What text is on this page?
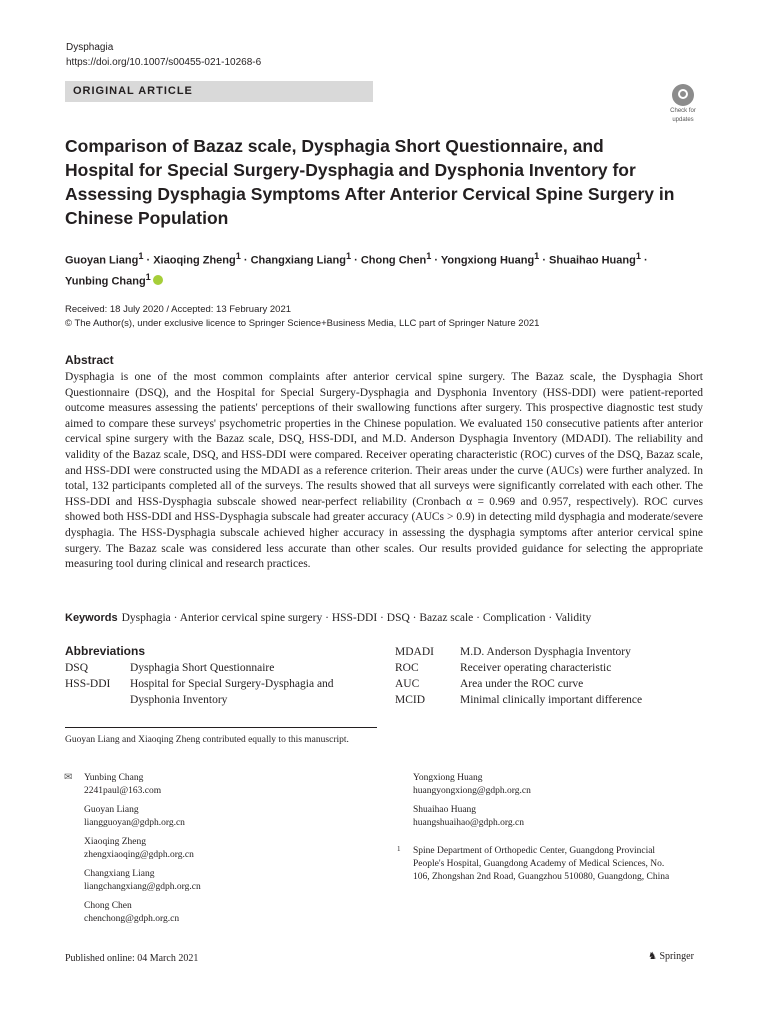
Dysphagia
https://doi.org/10.1007/s00455-021-10268-6
ORIGINAL ARTICLE
Check for
updates
Comparison of Bazaz scale, Dysphagia Short Questionnaire, and Hospital for Special Surgery-Dysphagia and Dysphonia Inventory for Assessing Dysphagia Symptoms After Anterior Cervical Spine Surgery in Chinese Population
Guoyan Liang$^1$ · Xiaoqing Zheng$^1$ · Changxiang Liang$^1$ · Chong Chen$^1$ · Yongxiong Huang$^1$ · Shuaihao Huang$^1$ ·
Yunbing Chang$^1$
Received: 18 July 2020 / Accepted: 13 February 2021
© The Author(s), under exclusive licence to Springer Science+Business Media, LLC part of Springer Nature 2021
Abstract
Dysphagia is one of the most common complaints after anterior cervical spine surgery. The Bazaz scale, the Dysphagia Short Questionnaire (DSQ), and the Hospital for Special Surgery-Dysphagia and Dysphonia Inventory (HSS-DDI) were patient-reported outcome measures assessing the patients' perceptions of their swallowing functions after surgery. This prospective diagnostic test study aimed to compare these surveys' psychometric properties in the Chinese population. We evaluated 150 consecutive patients after anterior cervical spine surgery with the Bazaz scale, DSQ, HSS-DDI, and M.D. Anderson Dysphagia Inventory (MDADI). The reliability and validity of the Bazaz scale, DSQ, and HSS-DDI were compared. Receiver operating characteristic (ROC) curves of the DSQ, Bazaz scale, and HSS-DDI were constructed using the MDADI as a reference criterion. Their areas under the curve (AUCs) were further analyzed. In total, 132 participants completed all of the surveys. The results showed that all surveys were significantly correlated with each other. The HSS-DDI and HSS-Dysphagia subscale showed near-perfect reliability (Cronbach α = 0.969 and 0.957, respectively). ROC curves showed both HSS-DDI and HSS-Dysphagia subscale had greater accuracy (AUCs > 0.9) in detecting mild dysphagia and moderate/severe dysphagia. The HSS-Dysphagia subscale achieved higher accuracy in assessing the dysphagia symptoms after anterior cervical spine surgery. The Bazaz scale was considered less accurate than other scales. Our results provided guidance for selecting the appropriate measuring tool during clinical and research practices.
Keywords Dysphagia · Anterior cervical spine surgery · HSS-DDI · DSQ · Bazaz scale · Complication · Validity
Abbreviations
DSQ	Dysphagia Short Questionnaire
HSS-DDI	Hospital for Special Surgery-Dysphagia and Dysphonia Inventory
MDADI	M.D. Anderson Dysphagia Inventory
ROC	Receiver operating characteristic
AUC	Area under the ROC curve
MCID	Minimal clinically important difference
Guoyan Liang and Xiaoqing Zheng contributed equally to this manuscript.
✉ Yunbing Chang
2241paul@163.com
Guoyan Liang
liangguoyan@gdph.org.cn
Xiaoqing Zheng
zhengxiaoqing@gdph.org.cn
Changxiang Liang
liangchangxiang@gdph.org.cn
Chong Chen
chenchong@gdph.org.cn
Yongxiong Huang
huangyongxiong@gdph.org.cn
Shuaihao Huang
huangshuaihao@gdph.org.cn
1 Spine Department of Orthopedic Center, Guangdong Provincial People's Hospital, Guangdong Academy of Medical Sciences, No. 106, Zhongshan 2nd Road, Guangzhou 510080, Guangdong, China
Published online: 04 March 2021	♞ Springer
